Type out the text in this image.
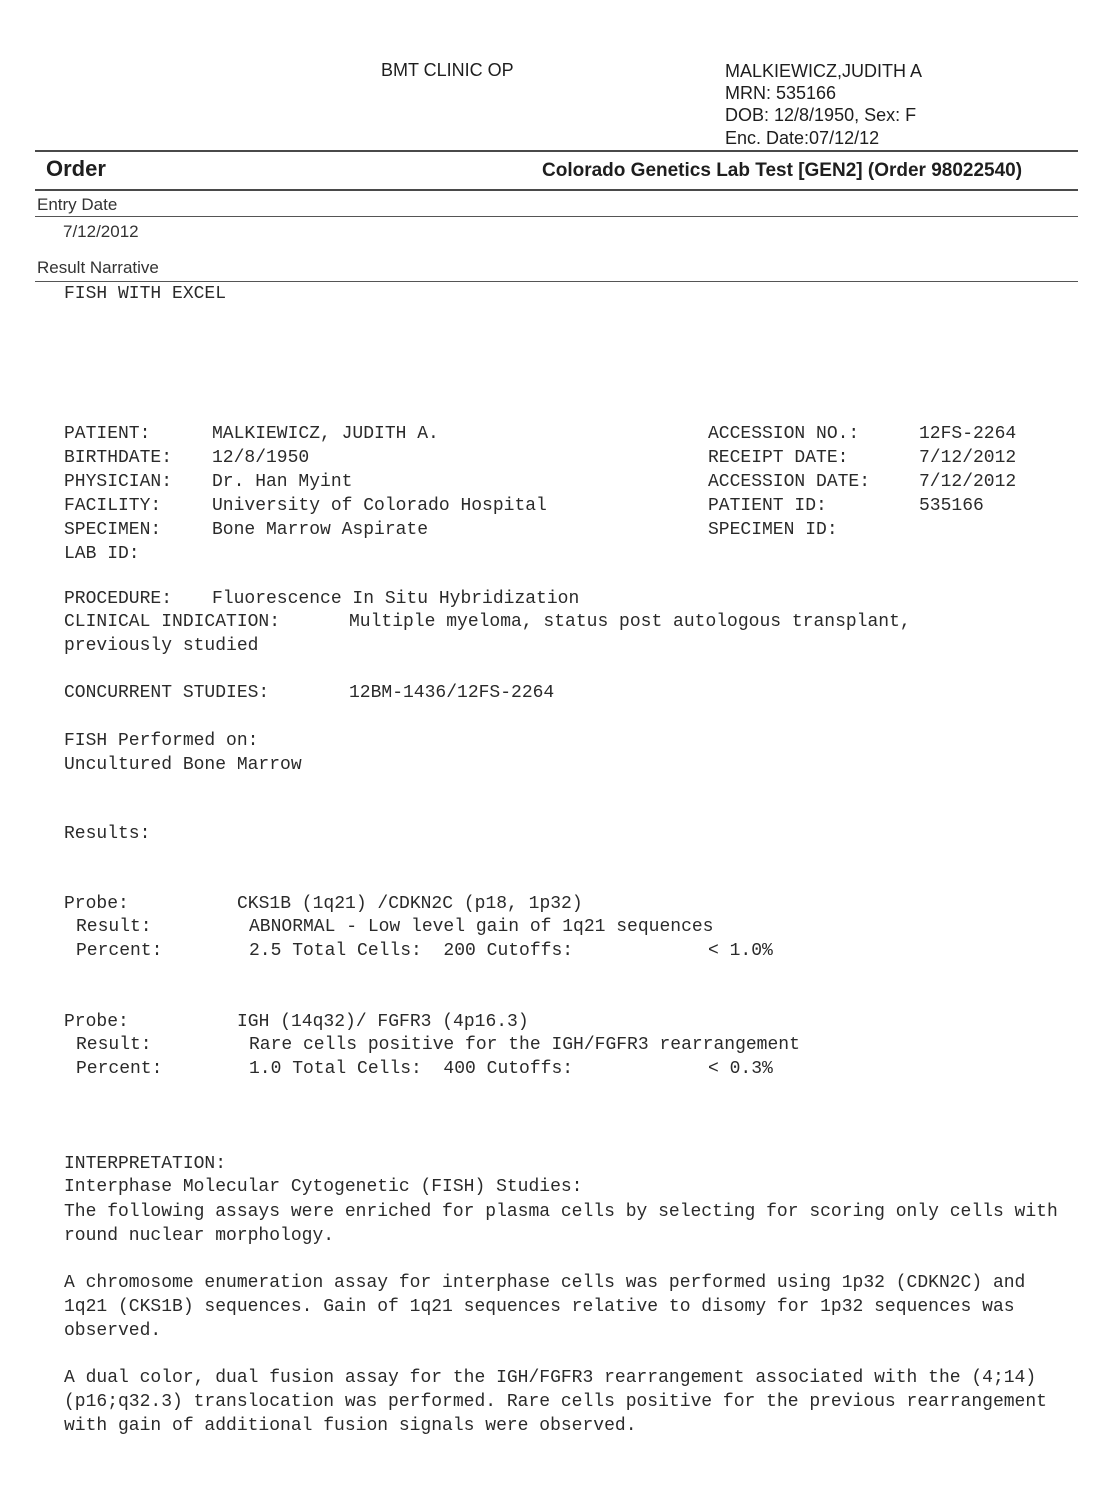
BMT CLINIC OP	MALKIEWICZ,JUDITH A
MRN: 535166
DOB: 12/8/1950, Sex: F
Enc. Date:07/12/12
Order	Colorado Genetics Lab Test [GEN2] (Order 98022540)
Entry Date
7/12/2012
Result Narrative
FISH WITH EXCEL
PATIENT:	MALKIEWICZ, JUDITH A.
BIRTHDATE: 12/8/1950
PHYSICIAN: Dr. Han Myint
FACILITY:	University of Colorado Hospital
SPECIMEN:	Bone Marrow Aspirate
LAB ID:
ACCESSION NO.:	12FS-2264
RECEIPT DATE:	7/12/2012
ACCESSION DATE:	7/12/2012
PATIENT ID:	535166
SPECIMEN ID:
PROCEDURE: Fluorescence In Situ Hybridization
CLINICAL INDICATION:	Multiple myeloma, status post autologous transplant,
previously studied
CONCURRENT STUDIES:	12BM-1436/12FS-2264
FISH Performed on:
Uncultured Bone Marrow
Results:
Probe:	CKS1B (1q21) /CDKN2C (p18, 1p32)
Result:	ABNORMAL - Low level gain of 1q21 sequences
Percent:	2.5 Total Cells:  200 Cutoffs:	< 1.0%
Probe:	IGH (14q32)/ FGFR3 (4p16.3)
Result:	Rare cells positive for the IGH/FGFR3 rearrangement
Percent:	1.0 Total Cells:  400 Cutoffs:	< 0.3%
INTERPRETATION:
Interphase Molecular Cytogenetic (FISH) Studies:
The following assays were enriched for plasma cells by selecting for scoring only cells with round nuclear morphology.
A chromosome enumeration assay for interphase cells was performed using 1p32 (CDKN2C) and 1q21 (CKS1B) sequences. Gain of 1q21 sequences relative to disomy for 1p32 sequences was observed.
A dual color, dual fusion assay for the IGH/FGFR3 rearrangement associated with the (4;14)(p16;q32.3) translocation was performed. Rare cells positive for the previous rearrangement with gain of additional fusion signals were observed.
